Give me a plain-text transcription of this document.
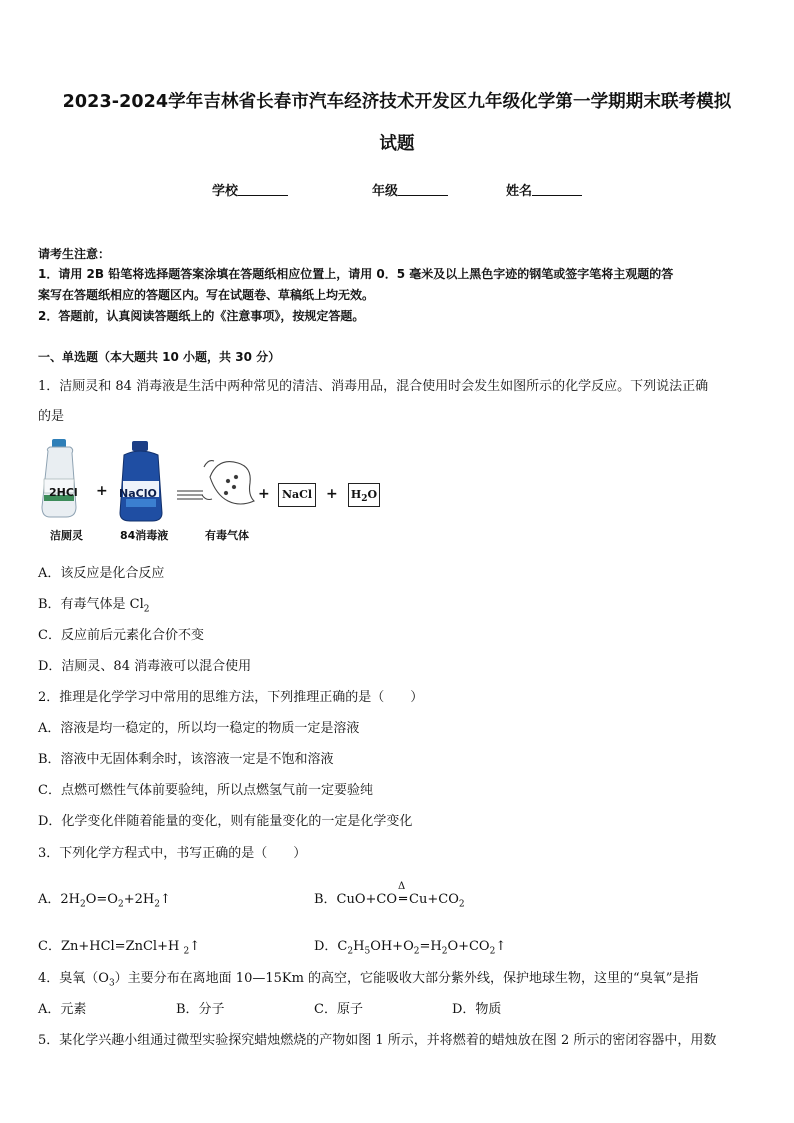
2023-2024学年吉林省长春市汽车经济技术开发区九年级化学第一学期期末联考模拟
试题
学校	年级	姓名
请考生注意：
1．请用 2B 铅笔将选择题答案涂填在答题纸相应位置上，请用 0．5 毫米及以上黑色字迹的钢笔或签字笔将主观题的答
案写在答题纸相应的答题区内。写在试题卷、草稿纸上均无效。
2．答题前，认真阅读答题纸上的《注意事项》，按规定答题。
一、单选题（本大题共 10 小题，共 30 分）
1．洁厕灵和 84 消毒液是生活中两种常见的清洁、消毒用品，混合使用时会发生如图所示的化学反应。下列说法正确
的是
2HCl	NaClO
+	+	+
NaCl	$H_2O$
洁厕灵	84消毒液	有毒气体
A．该反应是化合反应
B．有毒气体是 $Cl_2$
C．反应前后元素化合价不变
D．洁厕灵、84 消毒液可以混合使用
2．推理是化学学习中常用的思维方法，下列推理正确的是（　　）
A．溶液是均一稳定的，所以均一稳定的物质一定是溶液
B．溶液中无固体剩余时，该溶液一定是不饱和溶液
C．点燃可燃性气体前要验纯，所以点燃氢气前一定要验纯
D．化学变化伴随着能量的变化，则有能量变化的一定是化学变化
3．下列化学方程式中，书写正确的是（　　）
A．$2H_2O=O_2+2H_2↑$	B．CuO+CO
Δ
═ $Cu+CO_2$
C．Zn+HCl=ZnCl+H $_2$↑	D．$C_2H_5OH+O_2=H_2O+CO_2↑$
4．臭氧$(O_3)$主要分布在离地面 10—15Km 的高空，它能吸收大部分紫外线，保护地球生物，这里的“臭氧”是指
A．元素	B．分子	C．原子	D．物质
5．某化学兴趣小组通过微型实验探究蜡烛燃烧的产物如图 1 所示，并将燃着的蜡烛放在图 2 所示的密闭容器中，用数
